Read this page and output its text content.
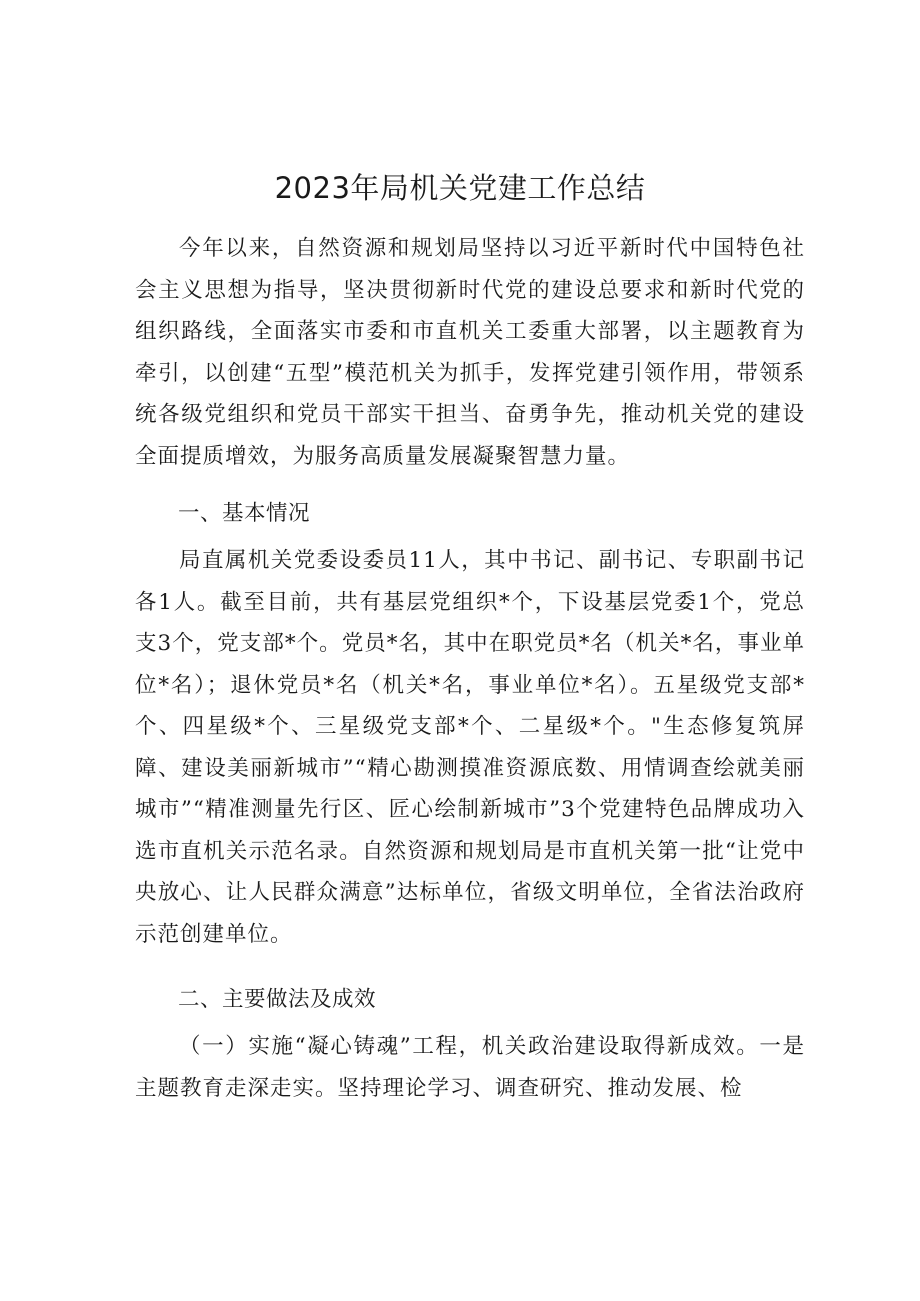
2023年局机关党建工作总结

今年以来，自然资源和规划局坚持以习近平新时代中国特色社会主义思想为指导，坚决贯彻新时代党的建设总要求和新时代党的组织路线，全面落实市委和市直机关工委重大部署，以主题教育为牵引，以创建“五型”模范机关为抓手，发挥党建引领作用，带领系统各级党组织和党员干部实干担当、奋勇争先，推动机关党的建设全面提质增效，为服务高质量发展凝聚智慧力量。

一、基本情况

局直属机关党委设委员11人，其中书记、副书记、专职副书记各1人。截至目前，共有基层党组织*个，下设基层党委1个，党总支3个，党支部*个。党员*名，其中在职党员*名（机关*名，事业单位*名）；退休党员*名（机关*名，事业单位*名）。五星级党支部*个、四星级*个、三星级党支部*个、二星级*个。"生态修复筑屏障、建设美丽新城市”“精心勘测摸准资源底数、用情调查绘就美丽城市”“精准测量先行区、匠心绘制新城市”3个党建特色品牌成功入选市直机关示范名录。自然资源和规划局是市直机关第一批“让党中央放心、让人民群众满意”达标单位，省级文明单位，全省法治政府示范创建单位。

二、主要做法及成效

（一）实施“凝心铸魂”工程，机关政治建设取得新成效。一是主题教育走深走实。坚持理论学习、调查研究、推动发展、检
